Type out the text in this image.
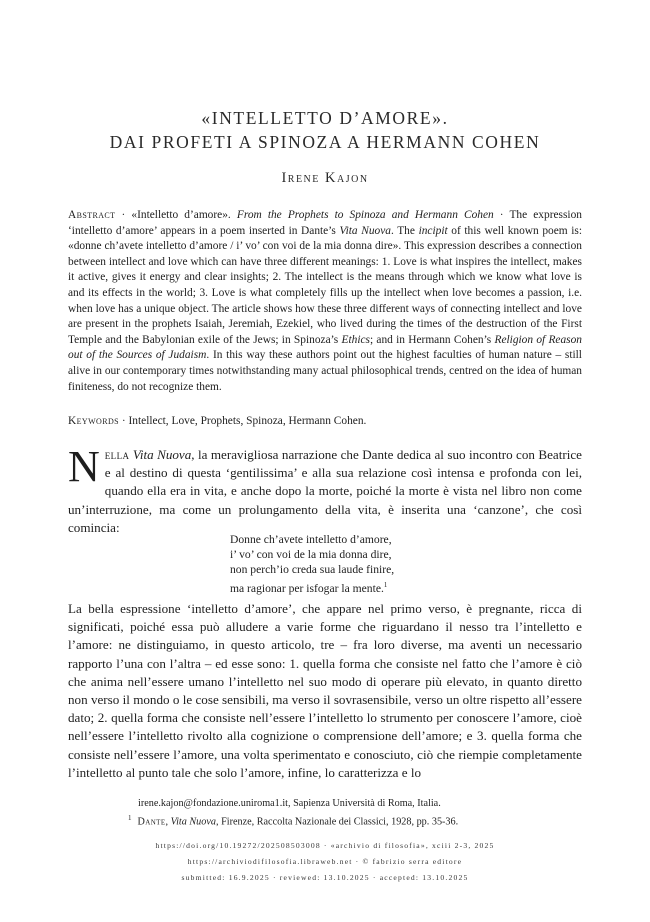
«INTELLETTO D’AMORE».
DAI PROFETI A SPINOZA A HERMANN COHEN
Irene Kajon
Abstract · «Intelletto d’amore». From the Prophets to Spinoza and Hermann Cohen · The expression ‘intelletto d’amore’ appears in a poem inserted in Dante’s Vita Nuova. The incipit of this well known poem is: «donne ch’avete intelletto d’amore / i’ vo’ con voi de la mia donna dire». This expression describes a connection between intellect and love which can have three different meanings: 1. Love is what inspires the intellect, makes it active, gives it energy and clear insights; 2. The intellect is the means through which we know what love is and its effects in the world; 3. Love is what completely fills up the intellect when love becomes a passion, i.e. when love has a unique object. The article shows how these three different ways of connecting intellect and love are present in the prophets Isaiah, Jeremiah, Ezekiel, who lived during the times of the destruction of the First Temple and the Babylonian exile of the Jews; in Spinoza’s Ethics; and in Hermann Cohen’s Religion of Reason out of the Sources of Judaism. In this way these authors point out the highest faculties of human nature – still alive in our contemporary times notwithstanding many actual philosophical trends, centred on the idea of human finiteness, do not recognize them.
Keywords · Intellect, Love, Prophets, Spinoza, Hermann Cohen.
Nella Vita Nuova, la meravigliosa narrazione che Dante dedica al suo incontro con Beatrice e al destino di questa ‘gentilissima’ e alla sua relazione così intensa e profonda con lei, quando ella era in vita, e anche dopo la morte, poiché la morte è vista nel libro non come un’interruzione, ma come un prolungamento della vita, è inserita una ‘canzone’, che così comincia:
Donne ch’avete intelletto d’amore,
i’ vo’ con voi de la mia donna dire,
non perch’io creda sua laude finire,
ma ragionar per isfogar la mente.$^1$
La bella espressione ‘intelletto d’amore’, che appare nel primo verso, è pregnante, ricca di significati, poiché essa può alludere a varie forme che riguardano il nesso tra l’intelletto e l’amore: ne distinguiamo, in questo articolo, tre – fra loro diverse, ma aventi un necessario rapporto l’una con l’altra – ed esse sono: 1. quella forma che consiste nel fatto che l’amore è ciò che anima nell’essere umano l’intelletto nel suo modo di operare più elevato, in quanto diretto non verso il mondo o le cose sensibili, ma verso il sovrasensibile, verso un oltre rispetto all’essere dato; 2. quella forma che consiste nell’essere l’intelletto lo strumento per conoscere l’amore, cioè nell’essere l’intelletto rivolto alla cognizione o comprensione dell’amore; e 3. quella forma che consiste nell’essere l’amore, una volta sperimentato e conosciuto, ciò che riempie completamente l’intelletto al punto tale che solo l’amore, infine, lo caratterizza e lo
irene.kajon@fondazione.uniroma1.it, Sapienza Università di Roma, Italia.
$^1$ Dante, Vita Nuova, Firenze, Raccolta Nazionale dei Classici, 1928, pp. 35-36.
https://doi.org/10.19272/202508503008 · «archivio di filosofia», xciii 2-3, 2025
https://archiviodifilosofia.libraweb.net · © fabrizio serra editore
submitted: 16.9.2025 · reviewed: 13.10.2025 · accepted: 13.10.2025
